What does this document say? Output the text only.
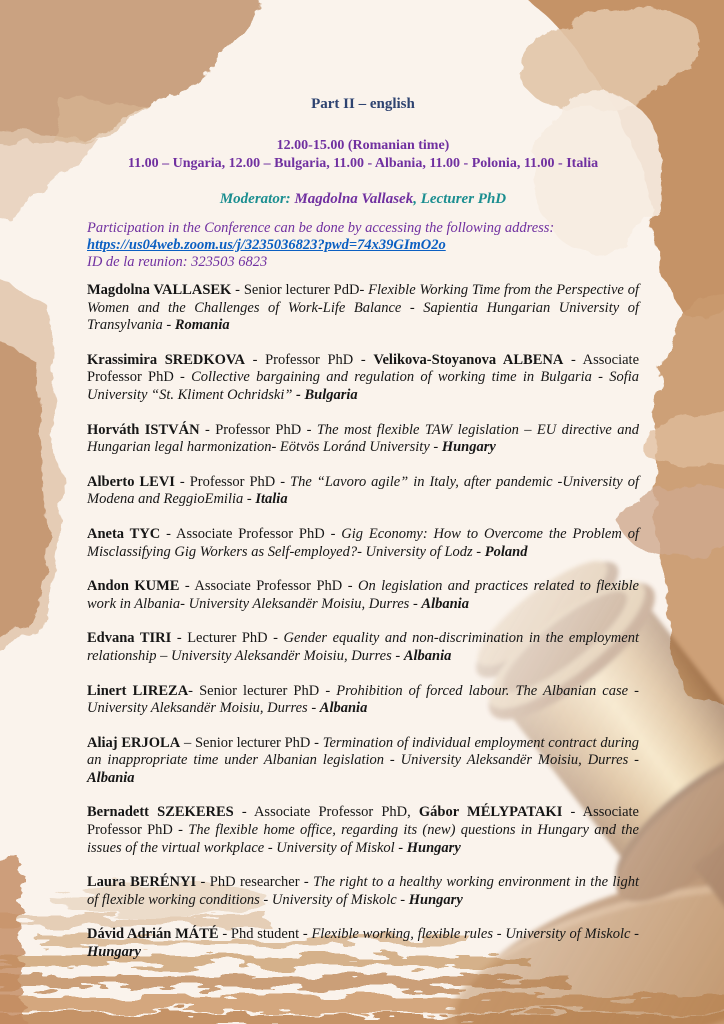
Part II – english

12.00-15.00 (Romanian time)

11.00 – Ungaria, 12.00 – Bulgaria, 11.00 - Albania, 11.00 - Polonia, 11.00 - Italia

Moderator: Magdolna Vallasek, Lecturer PhD

Participation in the Conference can be done by accessing the following address:
https://us04web.zoom.us/j/3235036823?pwd=74x39GImO2o
ID de la reunion: 323503 6823

Magdolna VALLASEK - Senior lecturer PdD- Flexible Working Time from the Perspective of Women and the Challenges of Work-Life Balance - Sapientia Hungarian University of Transylvania - Romania

Krassimira SREDKOVA - Professor PhD - Velikova-Stoyanova ALBENA - Associate Professor PhD - Collective bargaining and regulation of working time in Bulgaria - Sofia University “St. Kliment Ochridski” - Bulgaria

Horváth ISTVÁN - Professor PhD - The most flexible TAW legislation – EU directive and Hungarian legal harmonization- Eötvös Loránd University - Hungary

Alberto LEVI - Professor PhD - The “Lavoro agile” in Italy, after pandemic -University of Modena and ReggioEmilia - Italia

Aneta TYC - Associate Professor PhD - Gig Economy: How to Overcome the Problem of Misclassifying Gig Workers as Self-employed?- University of Lodz - Poland

Andon KUME - Associate Professor PhD - On legislation and practices related to flexible work in Albania- University Aleksandër Moisiu, Durres - Albania

Edvana TIRI - Lecturer PhD - Gender equality and non-discrimination in the employment relationship – University Aleksandër Moisiu, Durres - Albania

Linert LIREZA- Senior lecturer PhD - Prohibition of forced labour. The Albanian case - University Aleksandër Moisiu, Durres - Albania

Aliaj ERJOLA – Senior lecturer PhD - Termination of individual employment contract during an inappropriate time under Albanian legislation - University Aleksandër Moisiu, Durres - Albania

Bernadett SZEKERES - Associate Professor PhD, Gábor MÉLYPATAKI - Associate Professor PhD - The flexible home office, regarding its (new) questions in Hungary and the issues of the virtual workplace - University of Miskol - Hungary

Laura BERÉNYI - PhD researcher - The right to a healthy working environment in the light of flexible working conditions - University of Miskolc - Hungary

Dávid Adrián MÁTÉ - Phd student - Flexible working, flexible rules - University of Miskolc - Hungary
